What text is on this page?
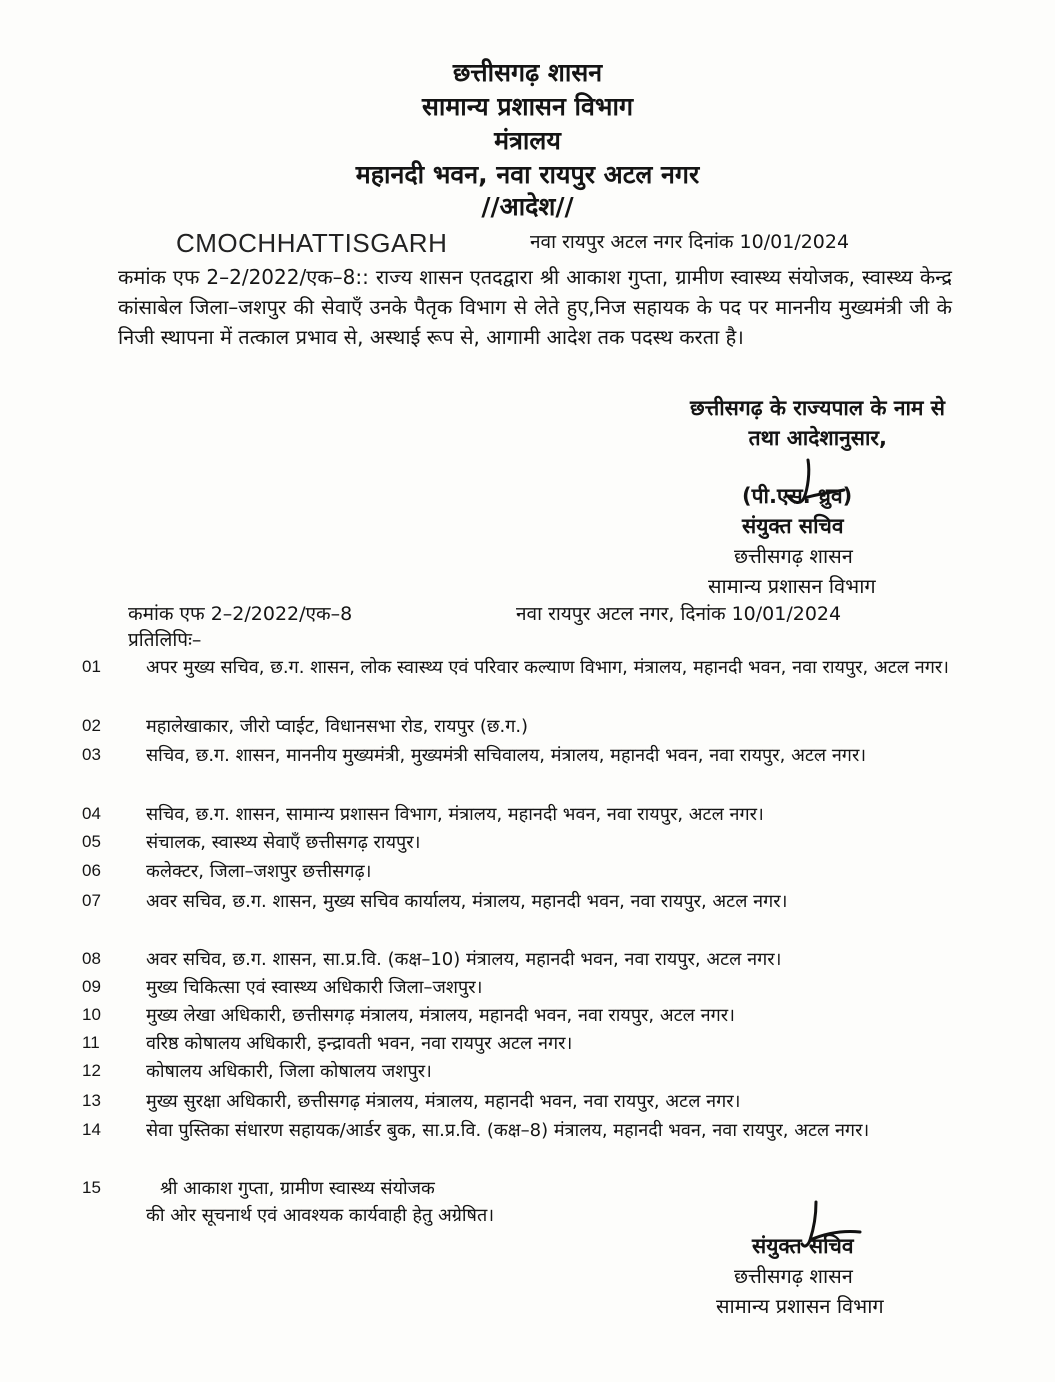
छत्तीसगढ़ शासन
सामान्य प्रशासन विभाग
मंत्रालय
महानदी भवन, नवा रायपुर अटल नगर
//आदेश//
CMOCHHATTISGARH	नवा रायपुर अटल नगर दिनांक 10/01/2024
कमांक एफ 2–2/2022/एक–8:: राज्य शासन एतदद्वारा श्री आकाश गुप्ता, ग्रामीण स्वास्थ्य संयोजक, स्वास्थ्य केन्द्र कांसाबेल जिला–जशपुर की सेवाएँ उनके पैतृक विभाग से लेते हुए,निज सहायक के पद पर माननीय मुख्यमंत्री जी के निजी स्थापना में तत्काल प्रभाव से, अस्थाई रूप से, आगामी आदेश तक पदस्थ करता है।
छत्तीसगढ़ के राज्यपाल के नाम से
तथा आदेशानुसार,
(पी.एस. ध्रुव)
संयुक्त सचिव
छत्तीसगढ़ शासन
सामान्य प्रशासन विभाग
कमांक एफ 2–2/2022/एक–8	नवा रायपुर अटल नगर, दिनांक 10/01/2024
प्रतिलिपिः–
01	अपर मुख्य सचिव, छ.ग. शासन, लोक स्वास्थ्य एवं परिवार कल्याण विभाग, मंत्रालय, महानदी भवन, नवा रायपुर, अटल नगर।
02	महालेखाकार, जीरो प्वाईट, विधानसभा रोड, रायपुर (छ.ग.)
03	सचिव, छ.ग. शासन, माननीय मुख्यमंत्री, मुख्यमंत्री सचिवालय, मंत्रालय, महानदी भवन, नवा रायपुर, अटल नगर।
04	सचिव, छ.ग. शासन, सामान्य प्रशासन विभाग, मंत्रालय, महानदी भवन, नवा रायपुर, अटल नगर।
05	संचालक, स्वास्थ्य सेवाएँ छत्तीसगढ़ रायपुर।
06	कलेक्टर, जिला–जशपुर छत्तीसगढ़।
07	अवर सचिव, छ.ग. शासन, मुख्य सचिव कार्यालय, मंत्रालय, महानदी भवन, नवा रायपुर, अटल नगर।
08	अवर सचिव, छ.ग. शासन, सा.प्र.वि. (कक्ष–10) मंत्रालय, महानदी भवन, नवा रायपुर, अटल नगर।
09	मुख्य चिकित्सा एवं स्वास्थ्य अधिकारी जिला–जशपुर।
10	मुख्य लेखा अधिकारी, छत्तीसगढ़ मंत्रालय, मंत्रालय, महानदी भवन, नवा रायपुर, अटल नगर।
11	वरिष्ठ कोषालय अधिकारी, इन्द्रावती भवन, नवा रायपुर अटल नगर।
12	कोषालय अधिकारी, जिला कोषालय जशपुर।
13	मुख्य सुरक्षा अधिकारी, छत्तीसगढ़ मंत्रालय, मंत्रालय, महानदी भवन, नवा रायपुर, अटल नगर।
14	सेवा पुस्तिका संधारण सहायक/आर्डर बुक, सा.प्र.वि. (कक्ष–8) मंत्रालय, महानदी भवन, नवा रायपुर, अटल नगर।
15	श्री आकाश गुप्ता, ग्रामीण स्वास्थ्य संयोजक
की ओर सूचनार्थ एवं आवश्यक कार्यवाही हेतु अग्रेषित।
संयुक्त सचिव
छत्तीसगढ़ शासन
सामान्य प्रशासन विभाग
